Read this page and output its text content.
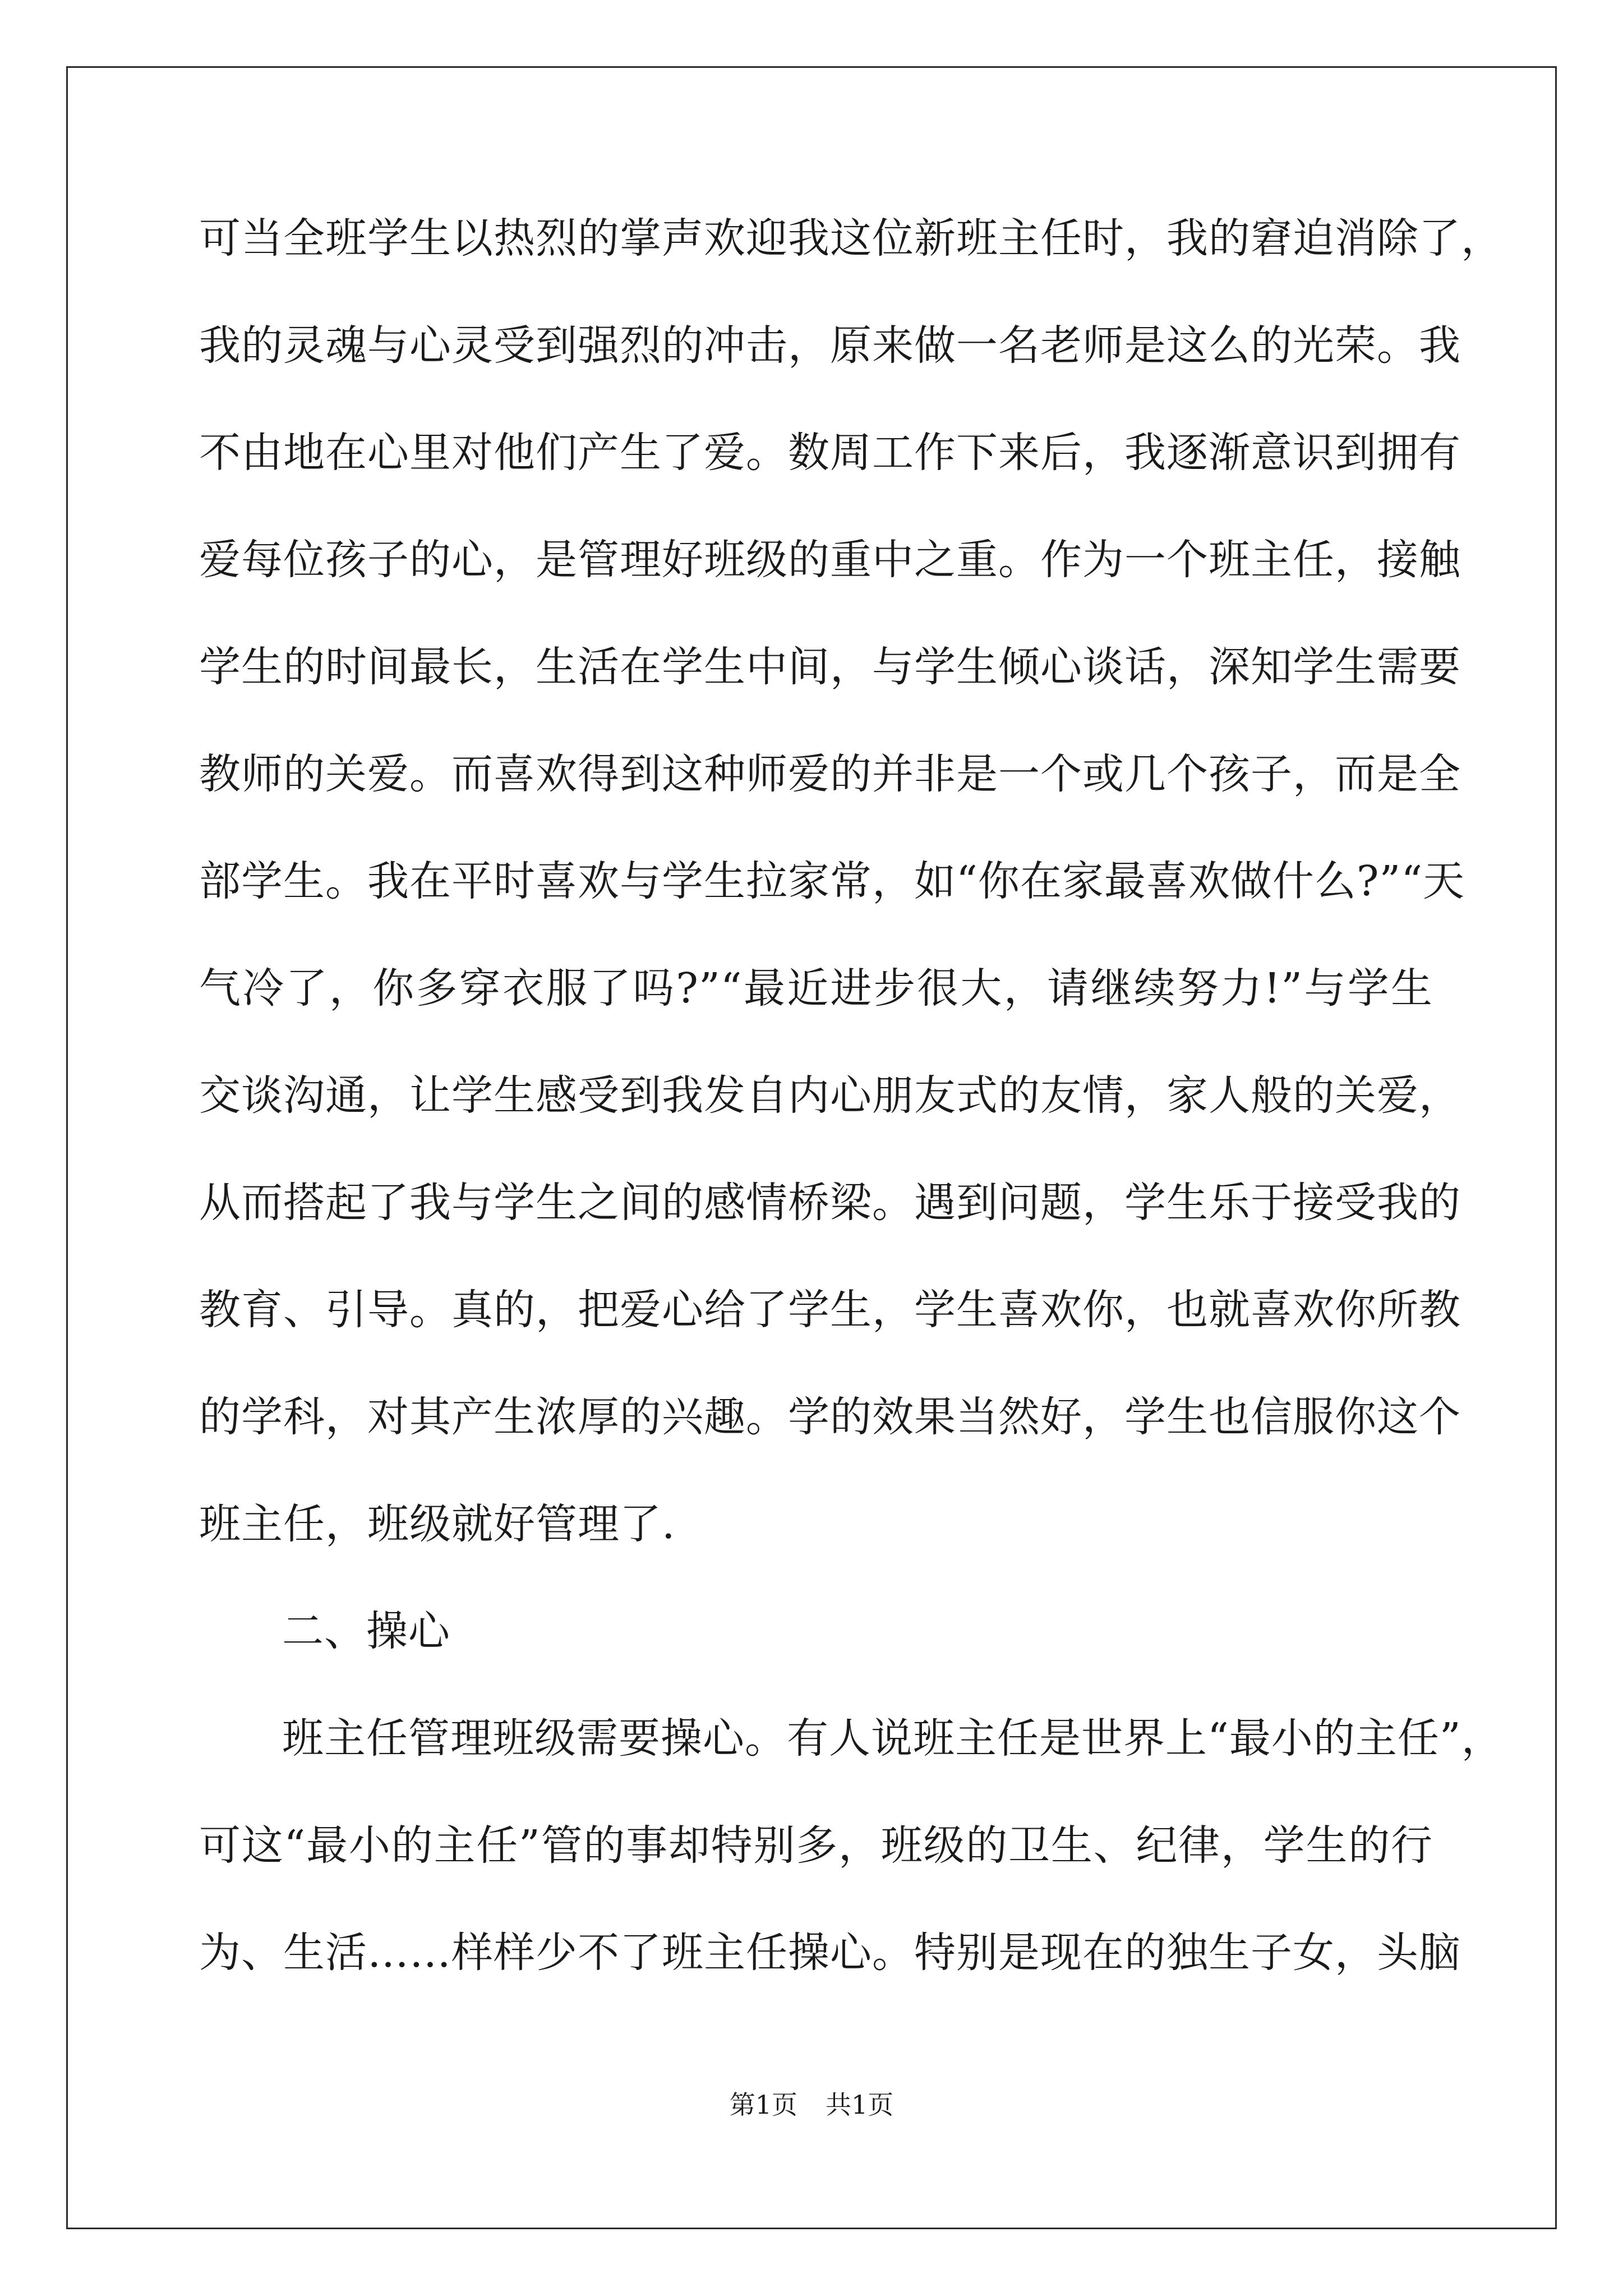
可当全班学生以热烈的掌声欢迎我这位新班主任时，我的窘迫消除了，
我的灵魂与心灵受到强烈的冲击，原来做一名老师是这么的光荣。我
不由地在心里对他们产生了爱。数周工作下来后，我逐渐意识到拥有
爱每位孩子的心，是管理好班级的重中之重。作为一个班主任，接触
学生的时间最长，生活在学生中间，与学生倾心谈话，深知学生需要
教师的关爱。而喜欢得到这种师爱的并非是一个或几个孩子，而是全
部学生。我在平时喜欢与学生拉家常，如“你在家最喜欢做什么?”“天
气冷了，你多穿衣服了吗?”“最近进步很大，请继续努力!”与学生
交谈沟通，让学生感受到我发自内心朋友式的友情，家人般的关爱，
从而搭起了我与学生之间的感情桥梁。遇到问题，学生乐于接受我的
教育、引导。真的，把爱心给了学生，学生喜欢你，也就喜欢你所教
的学科，对其产生浓厚的兴趣。学的效果当然好，学生也信服你这个
班主任，班级就好管理了.
二、操心
班主任管理班级需要操心。有人说班主任是世界上“最小的主任”，
可这“最小的主任”管的事却特别多，班级的卫生、纪律，学生的行
为、生活……样样少不了班主任操心。特别是现在的独生子女，头脑
第1页 共1页
